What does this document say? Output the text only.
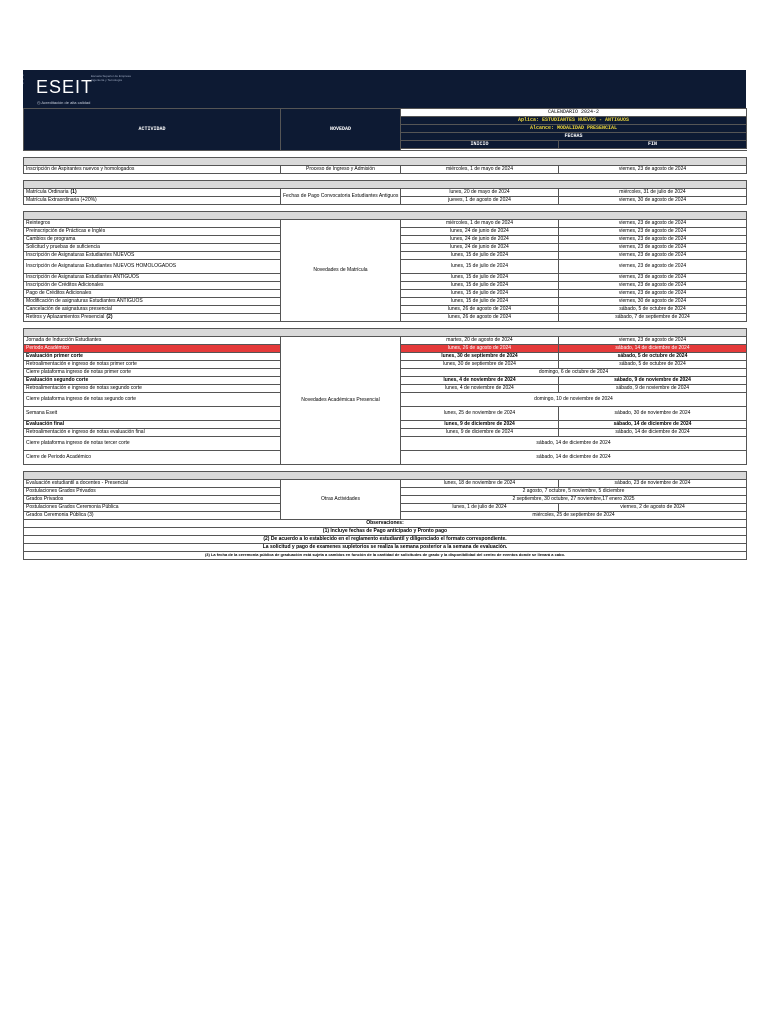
▪
▪
▪ ESEIT
Escuela Superior de Empresa Ingeniería y Tecnología
◷ Acreditación de alta calidad
ACTIVIDAD	NOVEDAD	CALENDARIO 2024-2	
		Aplica: ESTUDIANTES NUEVOS - ANTIGUOS	
		Alcance: MODALIDAD PRESENCIAL	
		FECHAS	
		INICIO	FIN

Inscripción de Aspirantes nuevos y homologados	Proceso de Ingreso y Admisión	miércoles, 1 de mayo de 2024	viernes, 23 de agosto de 2024

Matrícula Ordinaria (1)	Fechas de Pago Convocatoria Estudiantes Antiguos	lunes, 20 de mayo de 2024	miércoles, 31 de julio de 2024
Matrícula Extraordinaria (+20%)		jueves, 1 de agosto de 2024	viernes, 30 de agosto de 2024

Reintegros	Novedades de Matrícula	miércoles, 1 de mayo de 2024	viernes, 23 de agosto de 2024
Preinscripción de Prácticas e Inglés		lunes, 24 de junio de 2024	viernes, 23 de agosto de 2024
Cambios de programa		lunes, 24 de junio de 2024	viernes, 23 de agosto de 2024
Solicitud y pruebas de suficiencia		lunes, 24 de junio de 2024	viernes, 23 de agosto de 2024
Inscripción de Asignaturas Estudiantes NUEVOS		lunes, 15 de julio de 2024	viernes, 23 de agosto de 2024
Inscripción de Asignaturas Estudiantes NUEVOS HOMOLOGADOS		lunes, 15 de julio de 2024	viernes, 23 de agosto de 2024
Inscripción de Asignaturas Estudiantes ANTIGUOS		lunes, 15 de julio de 2024	viernes, 23 de agosto de 2024
Inscripción de Créditos Adicionales		lunes, 15 de julio de 2024	viernes, 23 de agosto de 2024
Pago de Créditos Adicionales		lunes, 15 de julio de 2024	viernes, 23 de agosto de 2024
Modificación de asignaturas Estudiantes ANTIGUOS		lunes, 15 de julio de 2024	viernes, 30 de agosto de 2024
Cancelación de asignaturas presencial		lunes, 26 de agosto de 2024	sábado, 5 de octubre de 2024
Retiros y Aplazamientos Presencial (2)		lunes, 26 de agosto de 2024	sábado, 7 de septiembre de 2024

Jornada de Inducción Estudiantes	Novedades Académicas Presencial	martes, 20 de agosto de 2024	viernes, 23 de agosto de 2024
Periodo Académico		lunes, 26 de agosto de 2024	sábado, 14 de diciembre de 2024
Evaluación primer corte		lunes, 30 de septiembre de 2024	sábado, 5 de octubre de 2024
Retroalimentación e ingreso de notas primer corte		lunes, 30 de septiembre de 2024	sábado, 5 de octubre de 2024
Cierre plataforma ingreso de notas primer corte		domingo, 6 de octubre de 2024	
Evaluación segundo corte		lunes, 4 de noviembre de 2024	sábado, 9 de noviembre de 2024
Retroalimentación e ingreso de notas segundo corte		lunes, 4 de noviembre de 2024	sábado, 9 de noviembre de 2024
Cierre plataforma ingreso de notas segundo corte		domingo, 10 de noviembre de 2024	
Semana Eseit		lunes, 25 de noviembre de 2024	sábado, 30 de noviembre de 2024
Evaluación final		lunes, 9 de diciembre de 2024	sábado, 14 de diciembre de 2024
Retroalimentación e ingreso de notas evaluación final		lunes, 9 de diciembre de 2024	sábado, 14 de diciembre de 2024
Cierre plataforma ingreso de notas tercer corte		sábado, 14 de diciembre de 2024	
Cierre de Periodo Académico		sábado, 14 de diciembre de 2024	

Evaluación estudiantil a docentes - Presencial	Otras Actividades	lunes, 18 de noviembre de 2024	sábado, 23 de noviembre de 2024
Postulaciones Grados Privados		2 agosto, 7 octubre, 5 noviembre, 5 diciembre	
Grados Privados		2 septiembre, 30 octubre, 27 noviembre,17 enero 2025	
Postulaciones Grados Ceremonia Pública		lunes, 1 de julio de 2024	viernes, 2 de agosto de 2024
Grados Ceremonia Pública (3)		miércoles, 25 de septiembre de 2024	
Observaciones:			
(1) Incluye fechas de Pago anticipado y Pronto pago			
(2) De acuerdo a lo establecido en el reglamento estudiantil y diligenciado el formato correspondiente.			
La solicitud y pago de examenes supletorios se realiza la semana posterior a la semana de evaluación.			
(3) La fecha de la ceremonia pública de graduación está sujeta a cambios en función de la cantidad de solicitudes de grado y la disponibilidad del centro de eventos donde se llevará a cabo.			
